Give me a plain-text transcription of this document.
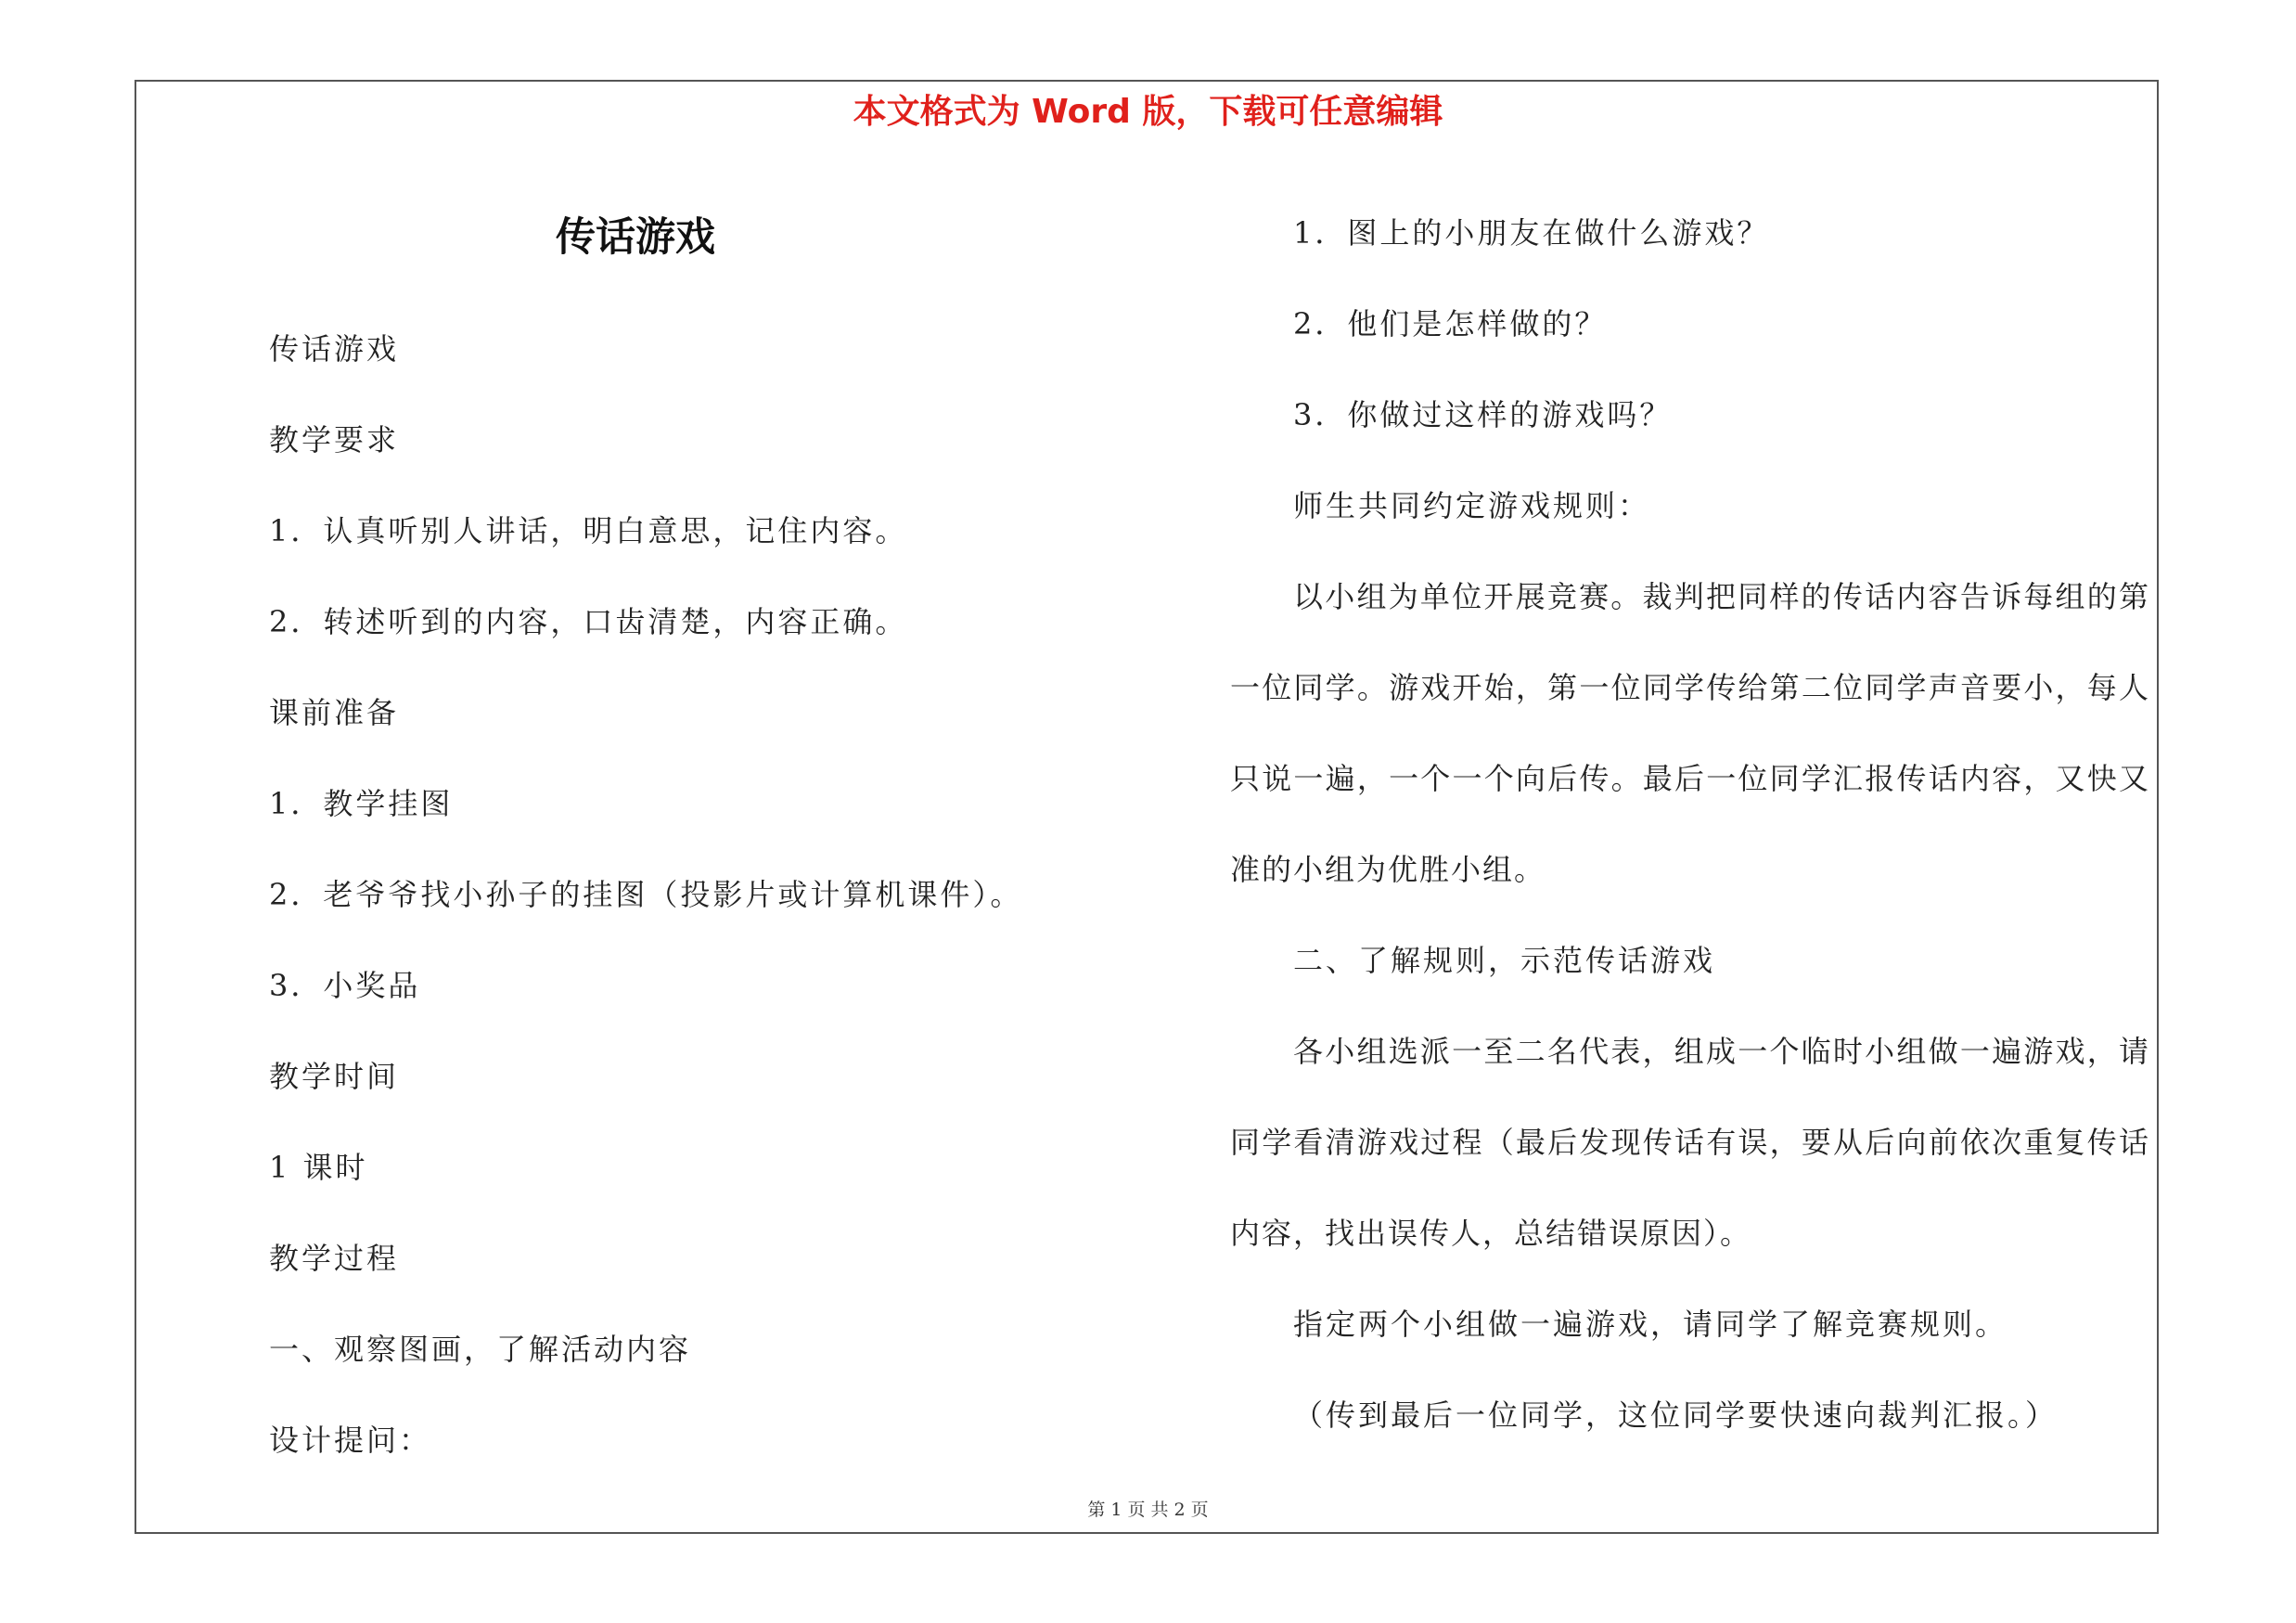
本文格式为 Word 版，下载可任意编辑
传话游戏
传话游戏
教学要求
1．认真听别人讲话，明白意思，记住内容。
2．转述听到的内容，口齿清楚，内容正确。
课前准备
1．教学挂图
2．老爷爷找小孙子的挂图（投影片或计算机课件）。
3．小奖品
教学时间
1 课时
教学过程
一、观察图画，了解活动内容
设计提问：

1．图上的小朋友在做什么游戏？

2．他们是怎样做的？

3．你做过这样的游戏吗？

师生共同约定游戏规则：

以小组为单位开展竞赛。裁判把同样的传话内容告诉每组的第一位同学。游戏开始，第一位同学传给第二位同学声音要小，每人只说一遍，一个一个向后传。最后一位同学汇报传话内容，又快又准的小组为优胜小组。

二、了解规则，示范传话游戏

各小组选派一至二名代表，组成一个临时小组做一遍游戏，请同学看清游戏过程（最后发现传话有误，要从后向前依次重复传话内容，找出误传人，总结错误原因）。

指定两个小组做一遍游戏，请同学了解竞赛规则。

（传到最后一位同学，这位同学要快速向裁判汇报。）

第 1 页 共 2 页
